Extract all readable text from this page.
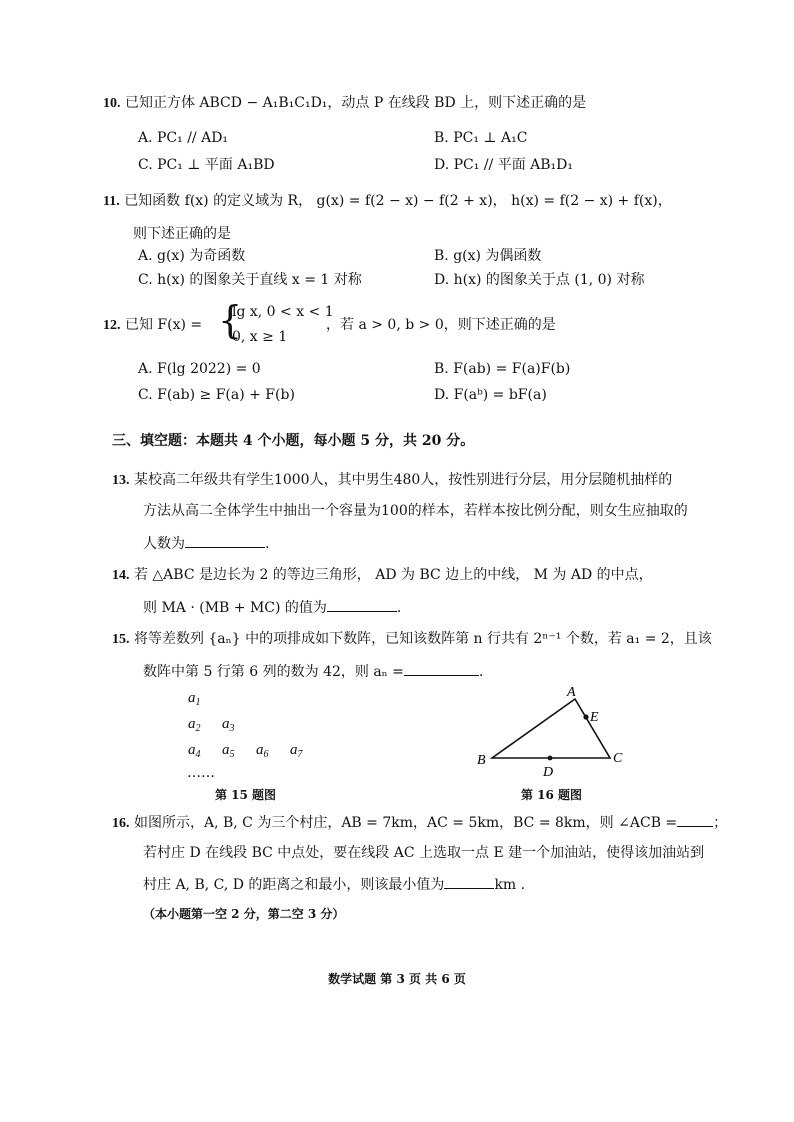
10. 已知正方体 ABCD − A₁B₁C₁D₁，动点 P 在线段 BD 上，则下述正确的是
A. PC₁ // AD₁	B. PC₁ ⊥ A₁C
C. PC₁ ⊥ 平面 A₁BD	D. PC₁ // 平面 AB₁D₁
11. 已知函数 f(x) 的定义域为 R， g(x) = f(2 − x) − f(2 + x)， h(x) = f(2 − x) + f(x)，
则下述正确的是
A. g(x) 为奇函数	B. g(x) 为偶函数
C. h(x) 的图象关于直线 x = 1 对称	D. h(x) 的图象关于点 (1, 0) 对称
12. 已知 F(x) = {
lg x, 0 < x < 1
0, x ≥ 1
，若 a > 0, b > 0，则下述正确的是
A. F(lg 2022) = 0	B. F(ab) = F(a)F(b)
C. F(ab) ≥ F(a) + F(b)	D. F(aᵇ) = bF(a)
三、填空题：本题共 4 个小题，每小题 5 分，共 20 分。
13. 某校高二年级共有学生1000人，其中男生480人，按性别进行分层，用分层随机抽样的
方法从高二全体学生中抽出一个容量为100的样本，若样本按比例分配，则女生应抽取的
人数为	.
14. 若 △ABC 是边长为 2 的等边三角形， AD 为 BC 边上的中线， M 为 AD 的中点，
则 MA · (MB + MC) 的值为	.
15. 将等差数列 {aₙ} 中的项排成如下数阵，已知该数阵第 n 行共有 2ⁿ⁻¹ 个数，若 a₁ = 2，且该
数阵中第 5 行第 6 列的数为 42，则 aₙ =	.
$a_1$
$a_2$ $a_3$
$a_4$ $a_5$ $a_6$ $a_7$
……
第 15 题图
A
E
B
D
C
第 16 题图
16. 如图所示，A, B, C 为三个村庄，AB = 7km，AC = 5km，BC = 8km，则 ∠ACB =	；
若村庄 D 在线段 BC 中点处，要在线段 AC 上选取一点 E 建一个加油站，使得该加油站到
村庄 A, B, C, D 的距离之和最小，则该最小值为	km .
（本小题第一空 2 分，第二空 3 分）
数学试题 第 3 页 共 6 页
